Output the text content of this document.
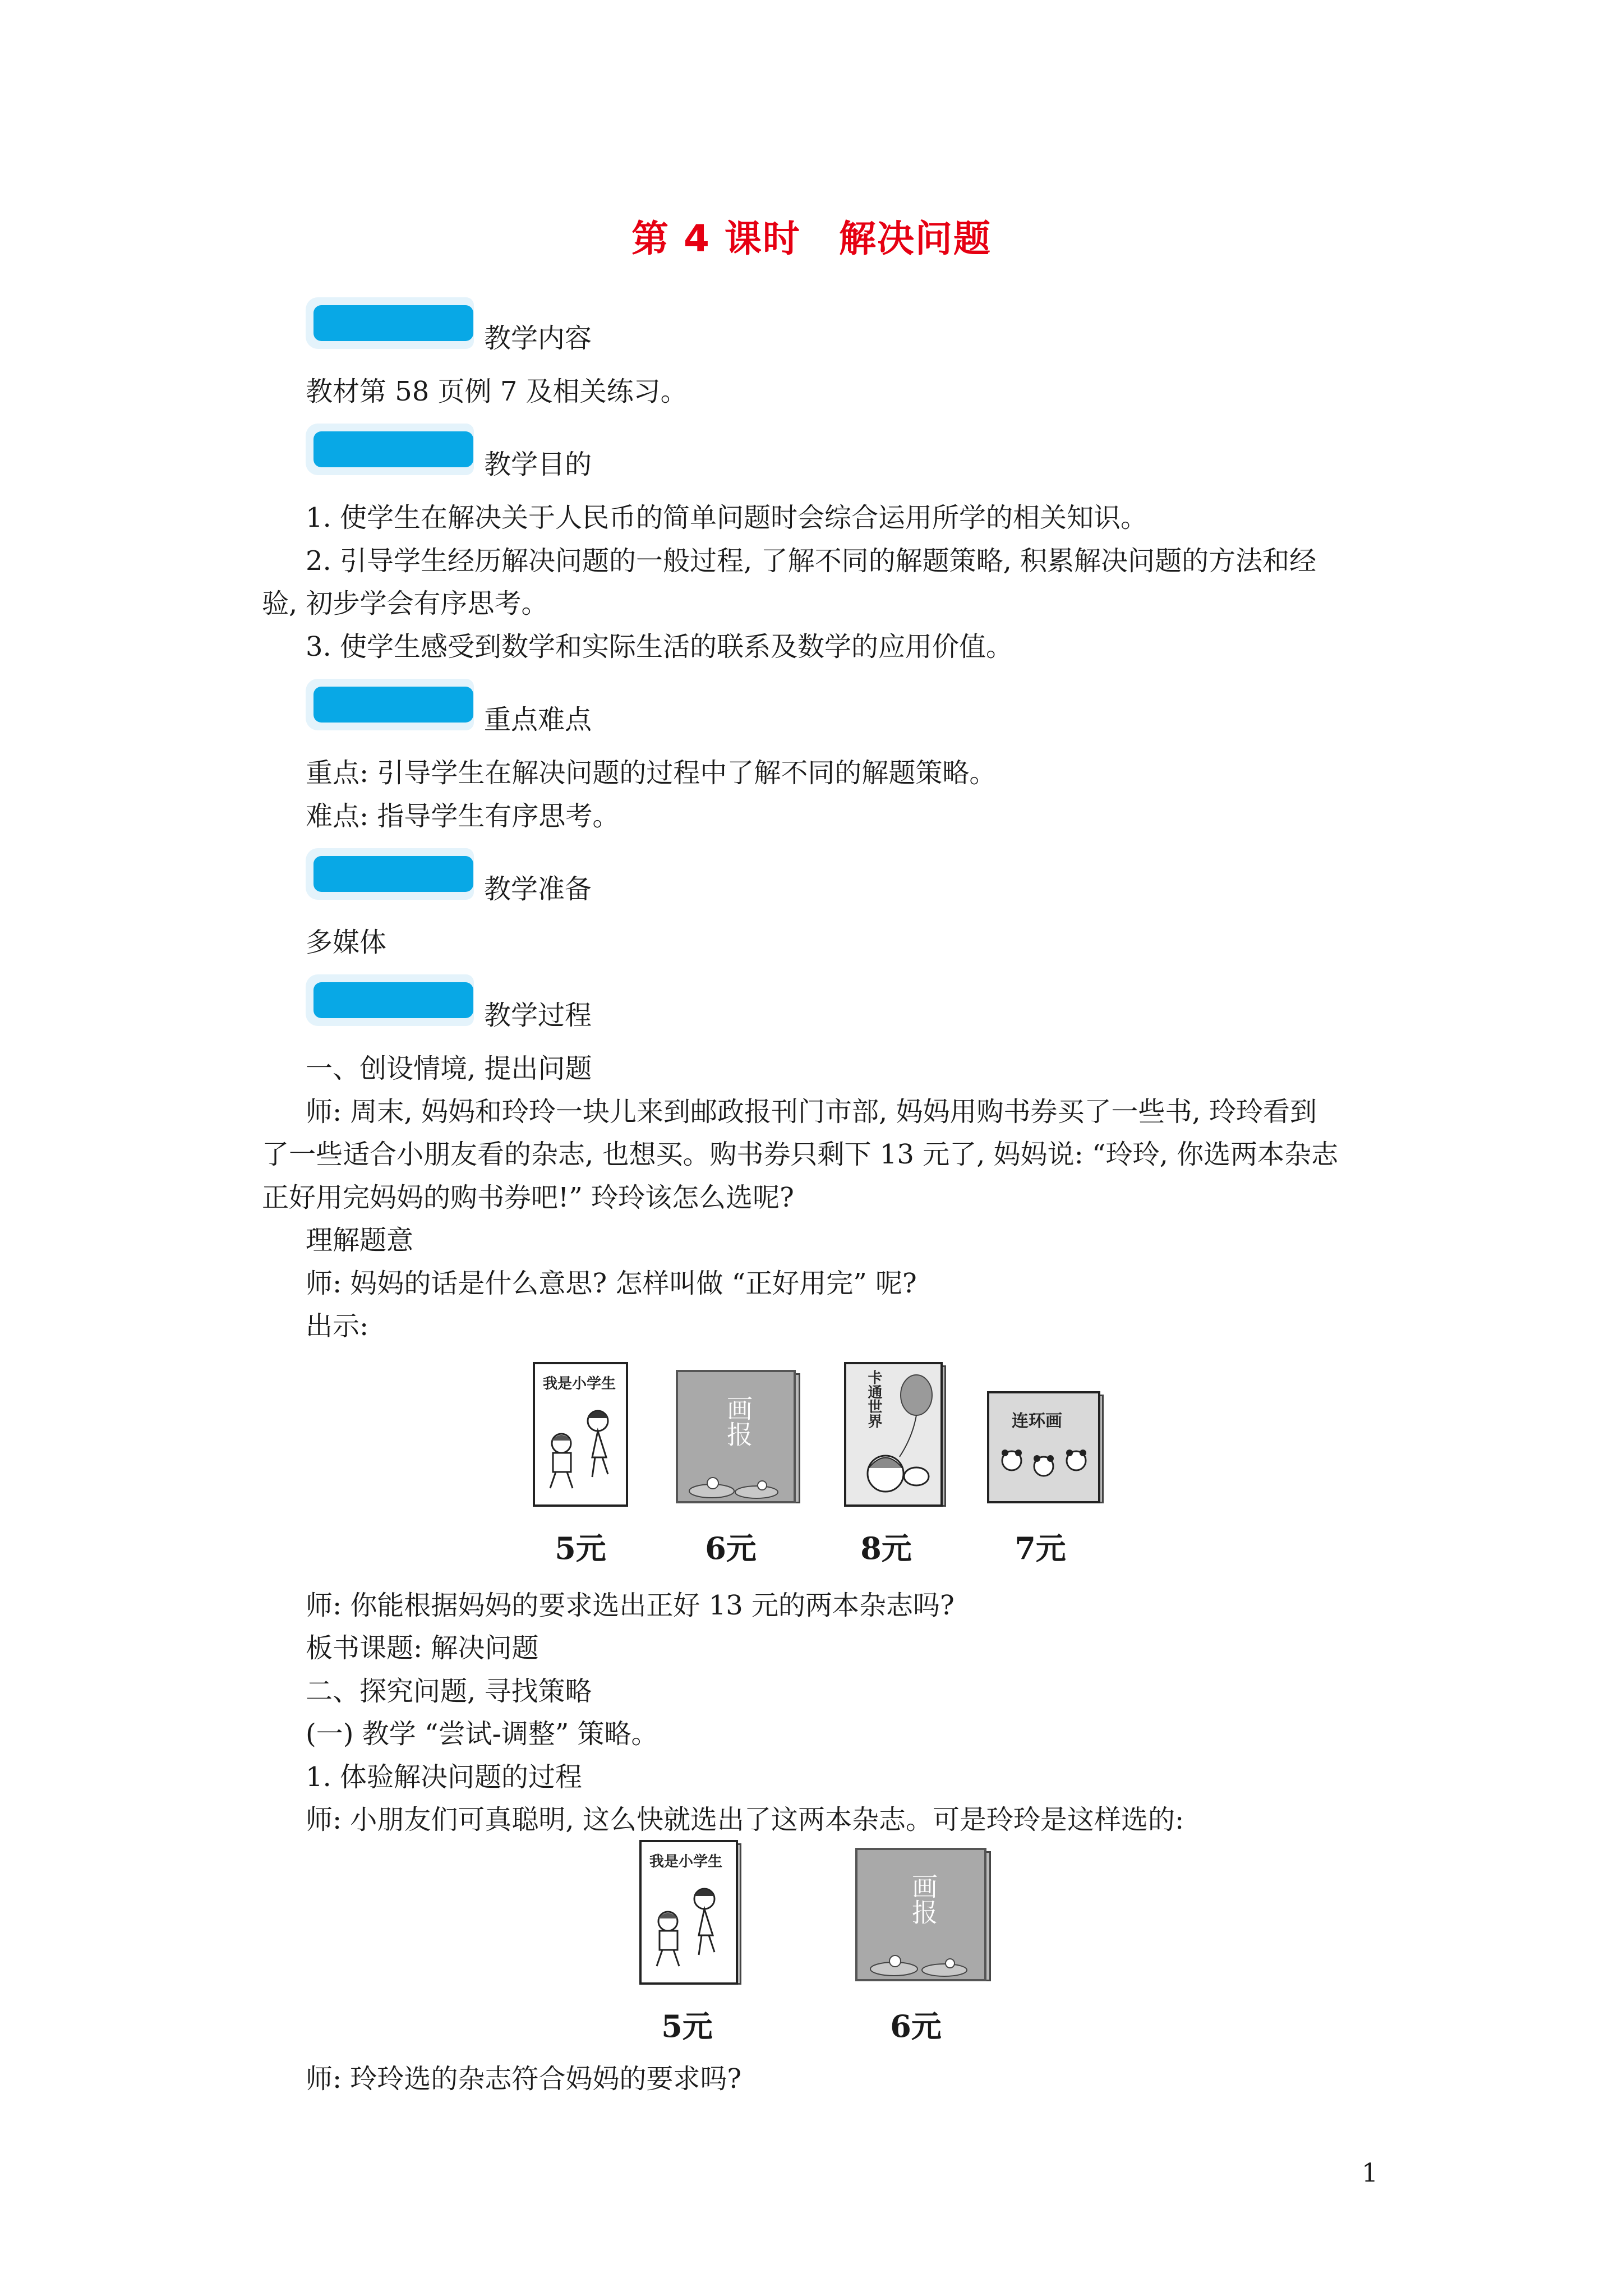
第 4 课时　解决问题
教学内容
教材第 58 页例 7 及相关练习。
教学目的
1. 使学生在解决关于人民币的简单问题时会综合运用所学的相关知识。
2. 引导学生经历解决问题的一般过程, 了解不同的解题策略, 积累解决问题的方法和经
验, 初步学会有序思考。
3. 使学生感受到数学和实际生活的联系及数学的应用价值。
重点难点
重点: 引导学生在解决问题的过程中了解不同的解题策略。
难点: 指导学生有序思考。
教学准备
多媒体
教学过程
一、创设情境, 提出问题
师: 周末, 妈妈和玲玲一块儿来到邮政报刊门市部, 妈妈用购书券买了一些书, 玲玲看到
了一些适合小朋友看的杂志, 也想买。购书券只剩下 13 元了, 妈妈说: “玲玲, 你选两本杂志
正好用完妈妈的购书券吧!” 玲玲该怎么选呢?
理解题意
师: 妈妈的话是什么意思? 怎样叫做 “正好用完” 呢?
出示:
我是小学生
5元
画报
6元
卡通世界
8元
连环画
7元
师: 你能根据妈妈的要求选出正好 13 元的两本杂志吗?
板书课题: 解决问题
二、探究问题, 寻找策略
(一) 教学 “尝试-调整” 策略。
1. 体验解决问题的过程
师: 小朋友们可真聪明, 这么快就选出了这两本杂志。可是玲玲是这样选的:
我是小学生
5元
画报
6元
师: 玲玲选的杂志符合妈妈的要求吗?
1
